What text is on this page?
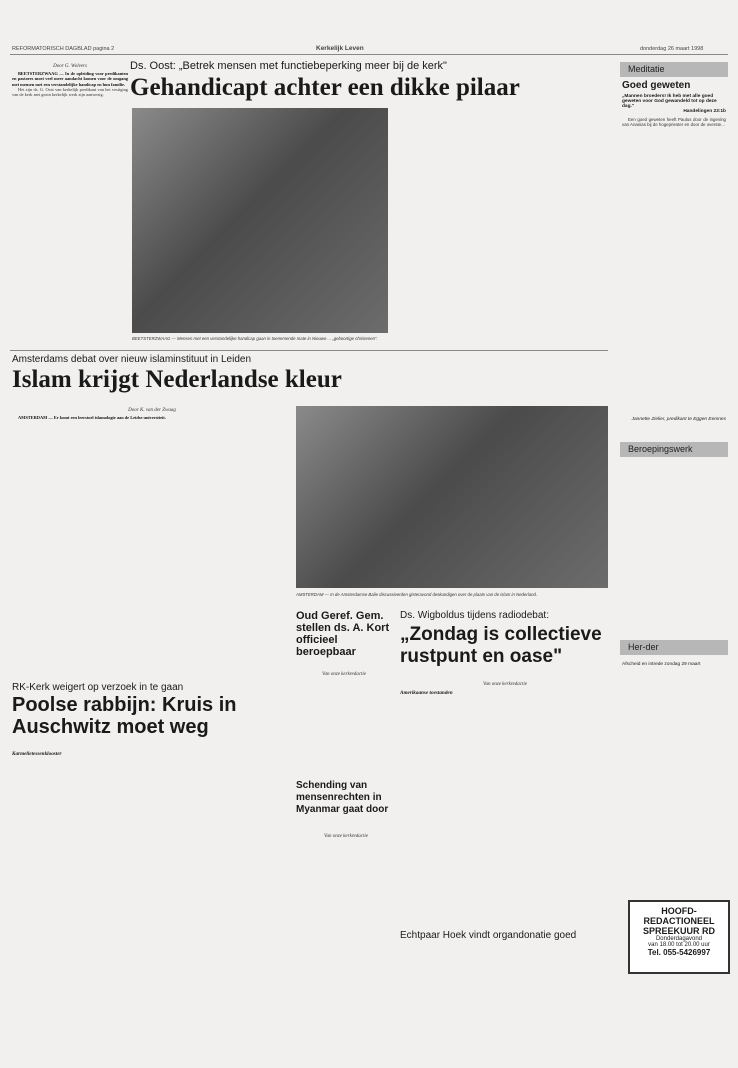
REFORMATORISCH DAGBLAD pagina 2	Kerkelijk Leven	donderdag 26 maart 1998
Door G. Wolvers

BEETSTERZWAAG — In de opleiding voor predikanten en pastores moet veel meer aandacht komen voor de omgang met mensen met een verstandelijke handicap en hun familie.

Het zijn ds. G. Oost van kerkelijk predikant van het vestiging van de kerk met gezin kerkelijk werk zijn aanwezig.

Ds. Oost: „Betrek mensen met functiebeperking meer bij de kerk"
Gehandicapt achter een dikke pilaar
BEETSTERZWAAG — Mensen met een verstandelijke handicap gaan in toenemende mate in Nieuwe ... „geboortige christenen".
Meditatie
Goed geweten
„Mannen broeders! Ik heb met alle goed geweten voor God gewandeld tot op deze dag."
Handelingen 23:1b

Een goed geweten heeft Paulus door de ingeving van Ananias bij de hogepriester en door de overste...

Jannette Zielier, predikant te Eggen Eemnes
Beroepingswerk
Her-der
Afscheid en intrede zondag 29 maart
HOOFD-
REDACTIONEEL
SPREEKUUR RD
Donderdagavond
van 18.00 tot 20.00 uur
Tel. 055-5426997
Amsterdams debat over nieuw islaminstituut in Leiden
Islam krijgt Nederlandse kleur
AMSTERDAM — In de Amsterdamse Balie discussieerden gisteravond deskundigen over de plaats van de islam in Nederland.
Door K. van der Zwaag

AMSTERDAM — Er komt een leerstoel islamologie aan de Leidse universiteit.

Oud Geref. Gem. stellen ds. A. Kort officieel beroepbaar
Van onze kerkredactie
Ds. Wigboldus tijdens radiodebat:
„Zondag is collectieve rustpunt en oase"
Van onze kerkredactie
Amerikaanse toestanden
RK-Kerk weigert op verzoek in te gaan
Poolse rabbijn: Kruis in Auschwitz moet weg
Karmelietessenklooster
Schending van mensenrechten in Myanmar gaat door
Van onze kerkredactie
Echtpaar Hoek vindt organdonatie goed
